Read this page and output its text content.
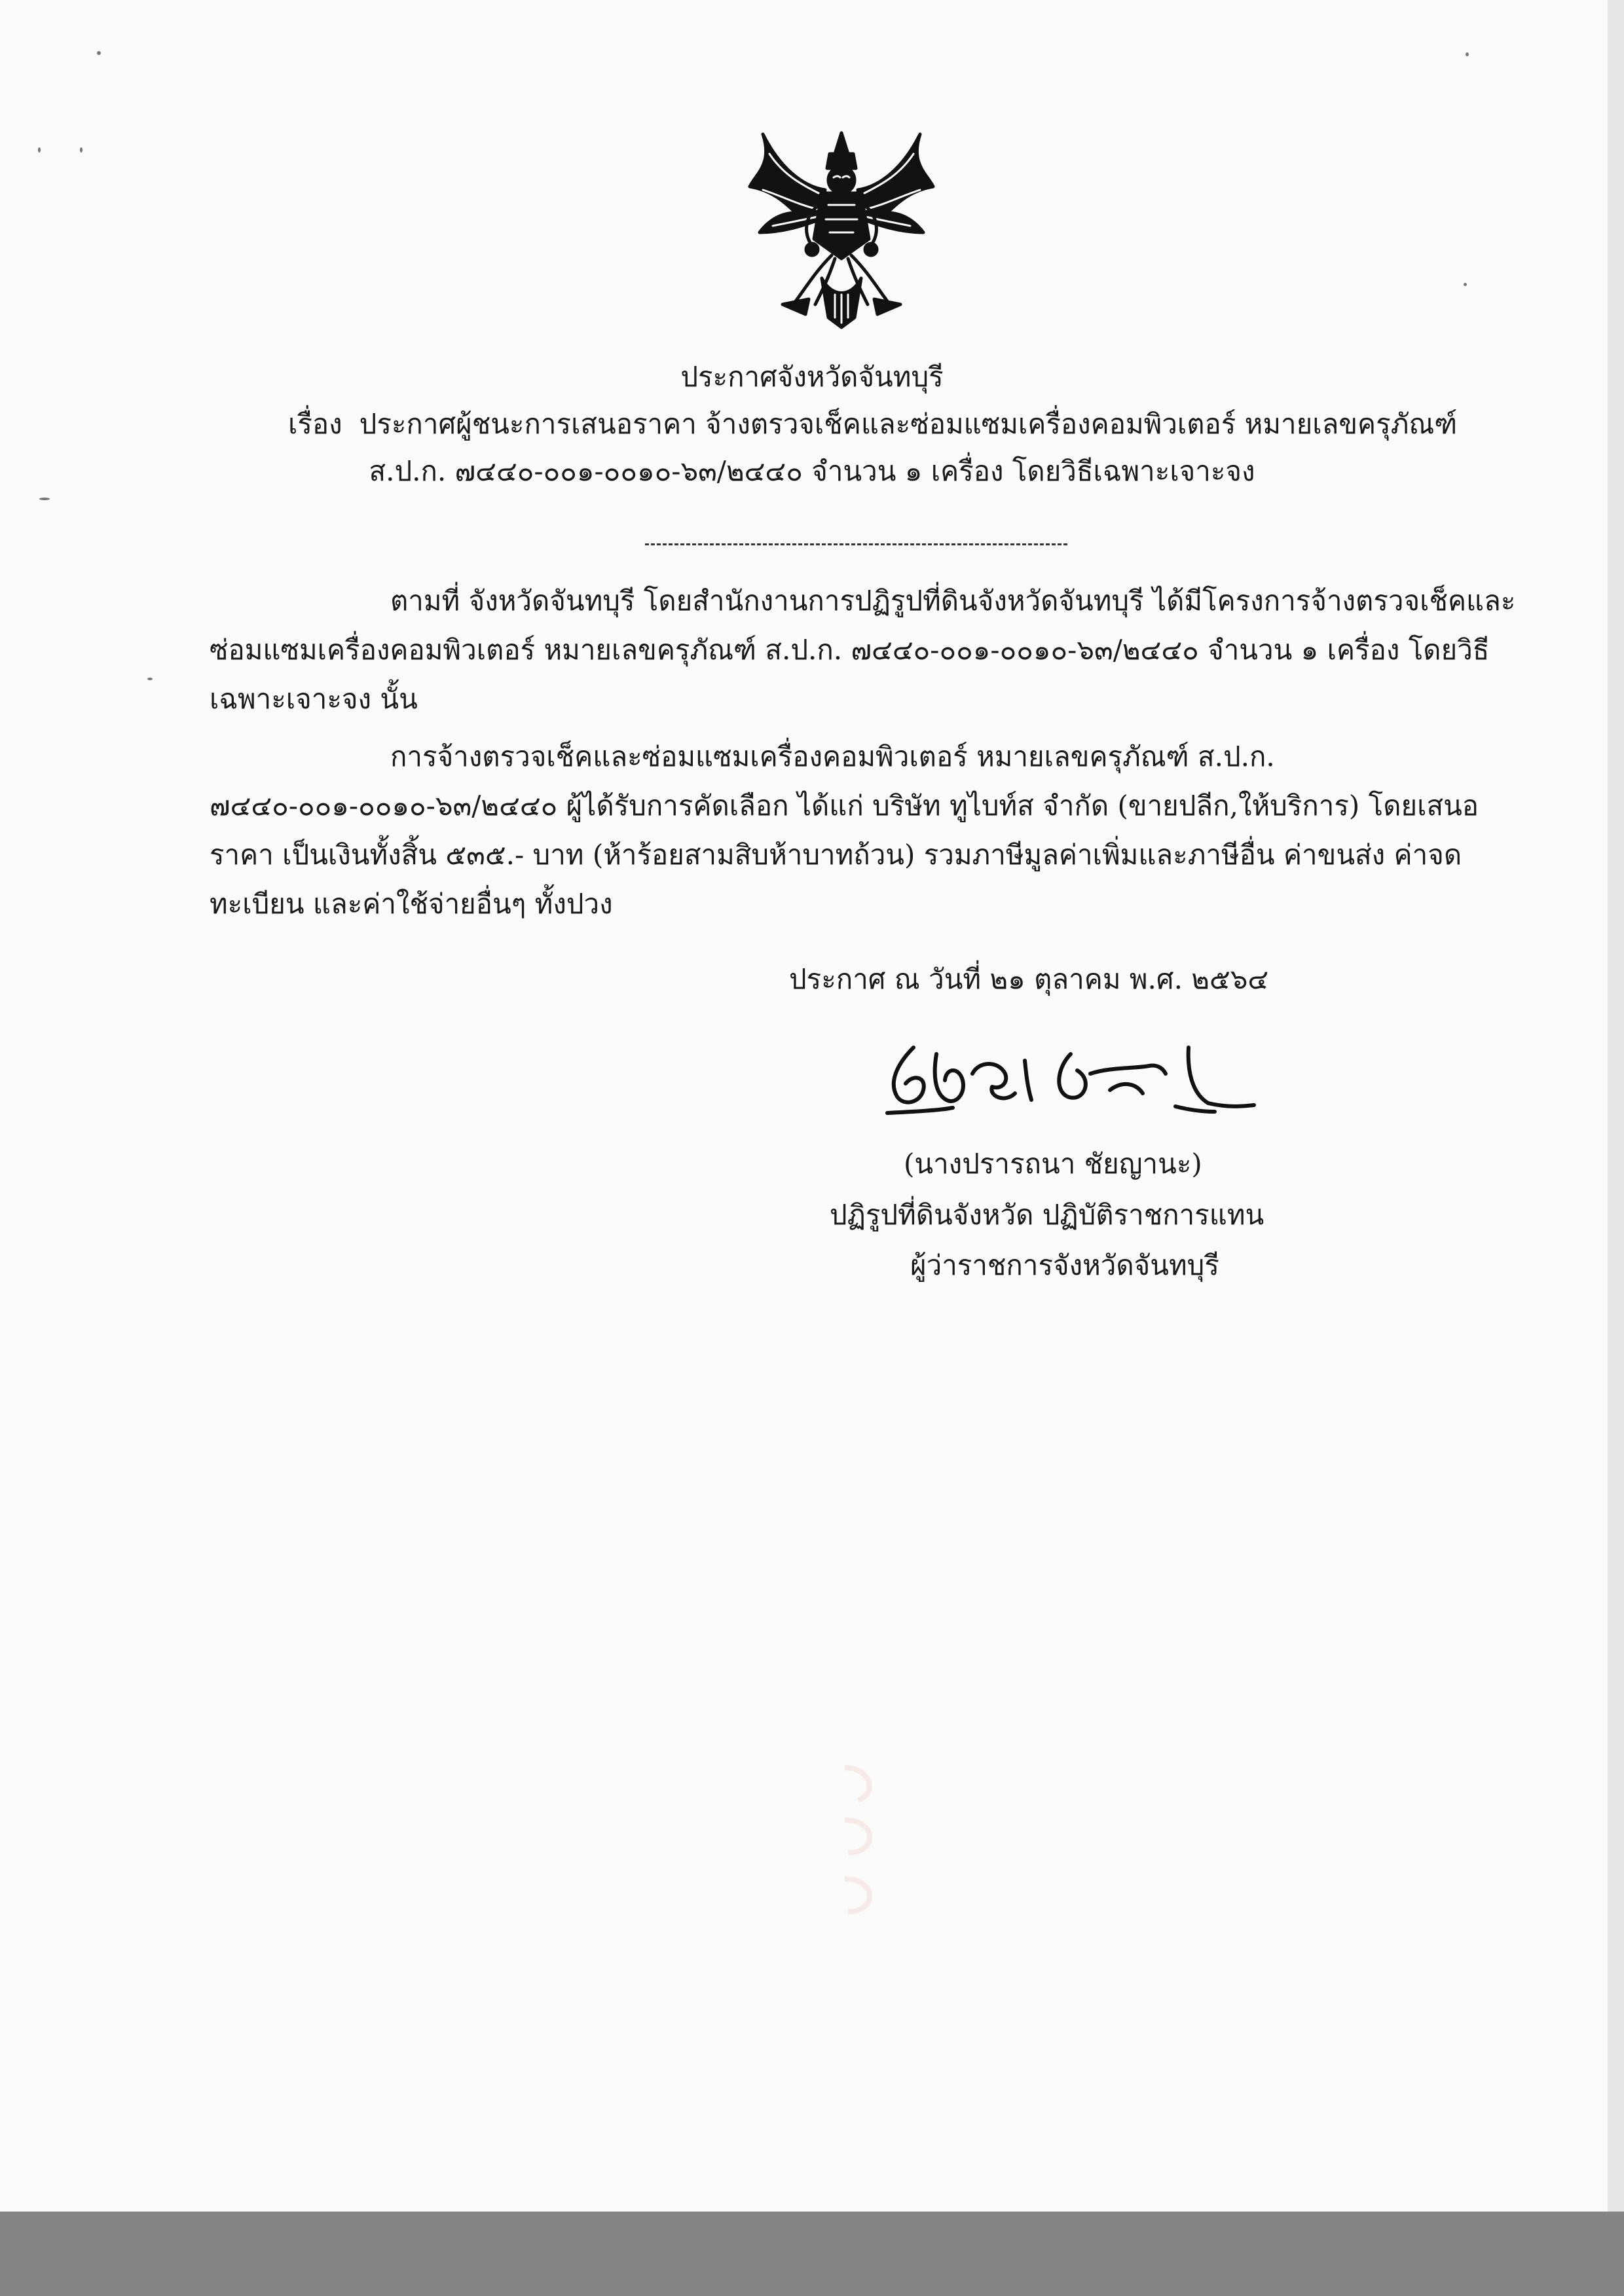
ประกาศจังหวัดจันทบุรี
เรื่อง ประกาศผู้ชนะการเสนอราคา จ้างตรวจเช็คและซ่อมแซมเครื่องคอมพิวเตอร์ หมายเลขครุภัณฑ์
ส.ป.ก. ๗๔๔๐-๐๐๑-๐๐๑๐-๖๓/๒๔๔๐ จำนวน ๑ เครื่อง โดยวิธีเฉพาะเจาะจง
ตามที่ จังหวัดจันทบุรี โดยสำนักงานการปฏิรูปที่ดินจังหวัดจันทบุรี ได้มีโครงการจ้างตรวจเช็คและซ่อมแซมเครื่องคอมพิวเตอร์ หมายเลขครุภัณฑ์ ส.ป.ก. ๗๔๔๐-๐๐๑-๐๐๑๐-๖๓/๒๔๔๐ จำนวน ๑ เครื่อง โดยวิธีเฉพาะเจาะจง นั้น
การจ้างตรวจเช็คและซ่อมแซมเครื่องคอมพิวเตอร์ หมายเลขครุภัณฑ์ ส.ป.ก. ๗๔๔๐-๐๐๑-๐๐๑๐-๖๓/๒๔๔๐ ผู้ได้รับการคัดเลือก ได้แก่ บริษัท ทูไบท์ส จำกัด (ขายปลีก,ให้บริการ) โดยเสนอราคา เป็นเงินทั้งสิ้น ๕๓๕.- บาท (ห้าร้อยสามสิบห้าบาทถ้วน) รวมภาษีมูลค่าเพิ่มและภาษีอื่น ค่าขนส่ง ค่าจดทะเบียน และค่าใช้จ่ายอื่นๆ ทั้งปวง
ประกาศ ณ วันที่ ๒๑ ตุลาคม พ.ศ. ๒๕๖๔
(นางปรารถนา ชัยญานะ)
ปฏิรูปที่ดินจังหวัด ปฏิบัติราชการแทน
ผู้ว่าราชการจังหวัดจันทบุรี
